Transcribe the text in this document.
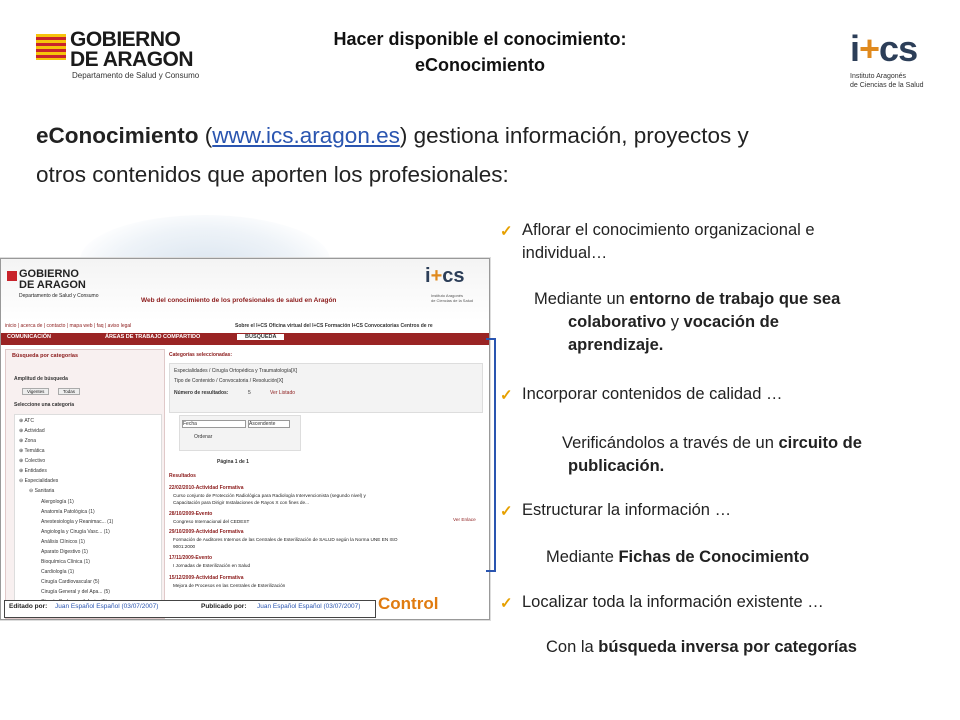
GOBIERNO
DE ARAGON
Departamento de Salud y Consumo
Hacer disponible el conocimiento:
eConocimiento	i+cs
Instituto Aragonés
de Ciencias de la Salud
eConocimiento (www.ics.aragon.es) gestiona información, proyectos y
otros contenidos que aporten los profesionales:
GOBIERNO
DE ARAGON
Departamento de Salud y Consumo
i+cs
Instituto Aragonés
de Ciencias de la Salud
Web del conocimiento de los profesionales de salud en Aragón
inicio | acerca de | contacto | mapa web | faq | aviso legal	Sobre el I+CS Oficina virtual del I+CS Formación I+CS Convocatorias Centros de re
COMUNICACIÓN	ÁREAS DE TRABAJO COMPARTIDO	BÚSQUEDA
Búsqueda por categorías
Amplitud de búsqueda
Vigentes	Todas
Seleccione una categoría
⊕ ATC
⊕ Actividad
⊕ Zona
⊕ Temática
⊕ Colectivo
⊕ Entidades
⊖ Especialidades
⊖ Sanitaria
Alergología (1)
Anatomía Patológica (1)
Anestesiología y Reanimac... (1)
Angiología y Cirugía Vasc... (1)
Análisis Clínicos (1)
Aparato Digestivo (1)
Bioquímica Clínica (1)
Cardiología (1)
Cirugía Cardiovascular (5)
Cirugía General y del Apa... (5)
Categorías seleccionadas:
Especialidades / Cirugía Ortopédica y Traumatología[X]
Tipo de Contenido / Convocatoria / Resolución[X]
Número de resultados:	5	Ver Listado
Fecha	Ascendente
Ordenar
Página 1 de 1
Resultados
22/02/2010-Actividad Formativa
Curso conjunto de Protección Radiológica para Radiología Intervencionista (segundo nivel) y
Capacitación para Dirigir Instalaciones de Rayos X con fines de...
28/10/2009-Evento
Congreso Internacional del CEDEST
29/10/2009-Actividad Formativa
Formación de Auditores Internos de las Centrales de Esterilización de SALUD según la Norma UNE EN ISO
9001:2000
17/11/2009-Evento
I Jornadas de Esterilización en Salud
15/12/2009-Actividad Formativa
Mejora de Procesos en las Centrales de Esterilización
Ver Enlace
Editado por: Juan Español Español (03/07/2007)	Publicado por: Juan Español Español (03/07/2007) Control
✓ Aflorar el conocimiento organizacional e
individual…
Mediante un entorno de trabajo que sea
colaborativo y vocación de
aprendizaje.
✓ Incorporar contenidos de calidad …
Verificándolos a través de un circuito de
publicación.
✓ Estructurar la información …
Mediante Fichas de Conocimiento
✓ Localizar toda la información existente …
Con la búsqueda inversa por categorías
